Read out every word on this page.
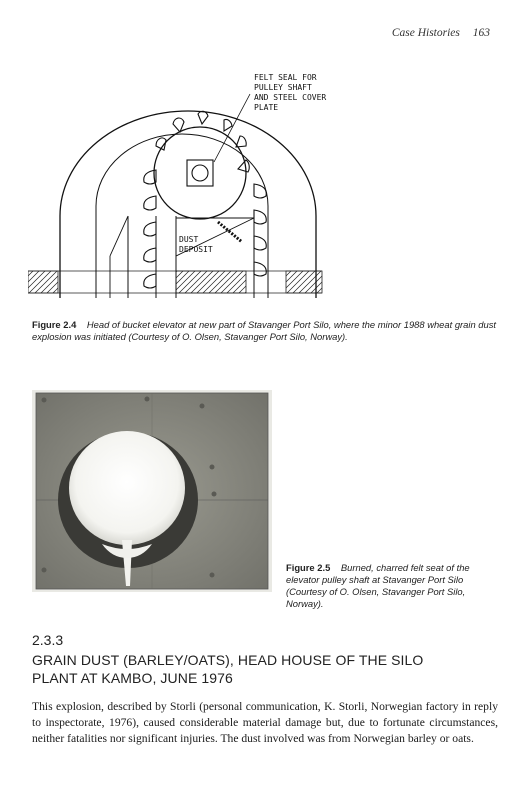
Case Histories 163
FELT SEAL FOR
PULLEY SHAFT
AND STEEL COVER
PLATE
DUST
DEPOSIT
Figure 2.4 Head of bucket elevator at new part of Stavanger Port Silo, where the minor 1988 wheat grain dust explosion was initiated (Courtesy of O. Olsen, Stavanger Port Silo, Norway).
Figure 2.5 Burned, charred felt seat of the elevator pulley shaft at Stavanger Port Silo (Courtesy of O. Olsen, Stavanger Port Silo, Norway).
2.3.3
GRAIN DUST (BARLEY/OATS), HEAD HOUSE OF THE SILO PLANT AT KAMBO, JUNE 1976
This explosion, described by Storli (personal communication, K. Storli, Norwegian factory in reply to inspectorate, 1976), caused considerable material damage but, due to fortunate circumstances, neither fatalities nor significant injuries. The dust involved was from Norwegian barley or oats.
